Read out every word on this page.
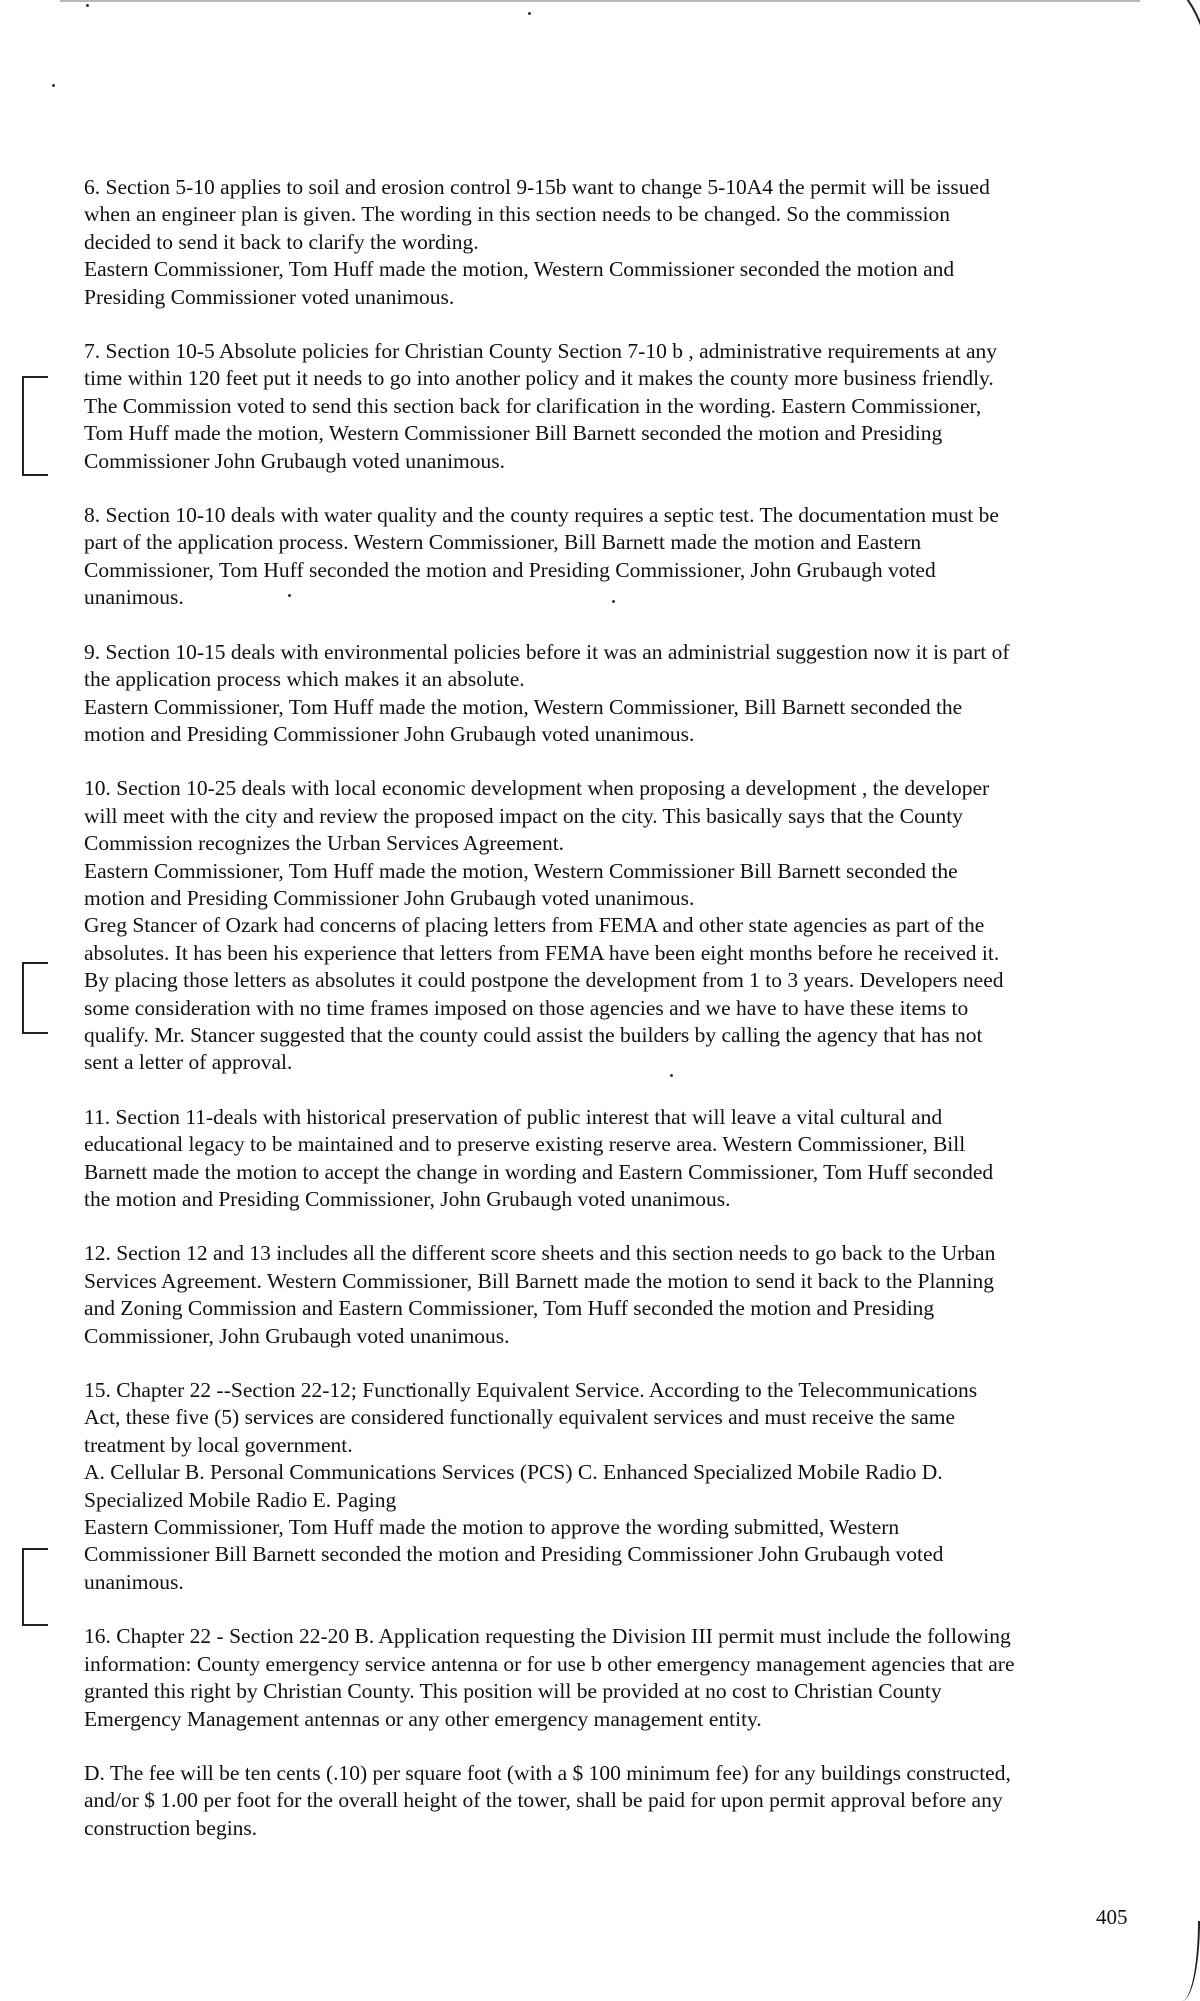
6. Section 5-10 applies to soil and erosion control 9-15b want to change 5-10A4 the permit will be issued
when an engineer plan is given. The wording in this section needs to be changed. So the commission
decided to send it back to clarify the wording.
Eastern Commissioner, Tom Huff made the motion, Western Commissioner seconded the motion and
Presiding Commissioner voted unanimous.
7. Section 10-5 Absolute policies for Christian County Section 7-10 b , administrative requirements at any
time within 120 feet put it needs to go into another policy and it makes the county more business friendly.
The Commission voted to send this section back for clarification in the wording. Eastern Commissioner,
Tom Huff made the motion, Western Commissioner Bill Barnett seconded the motion and Presiding
Commissioner John Grubaugh voted unanimous.
8. Section 10-10 deals with water quality and the county requires a septic test. The documentation must be
part of the application process. Western Commissioner, Bill Barnett made the motion and Eastern
Commissioner, Tom Huff seconded the motion and Presiding Commissioner, John Grubaugh voted
unanimous.
9. Section 10-15 deals with environmental policies before it was an administrial suggestion now it is part of
the application process which makes it an absolute.
Eastern Commissioner, Tom Huff made the motion, Western Commissioner, Bill Barnett seconded the
motion and Presiding Commissioner John Grubaugh voted unanimous.
10. Section 10-25 deals with local economic development when proposing a development , the developer
will meet with the city and review the proposed impact on the city. This basically says that the County
Commission recognizes the Urban Services Agreement.
Eastern Commissioner, Tom Huff made the motion, Western Commissioner Bill Barnett seconded the
motion and Presiding Commissioner John Grubaugh voted unanimous.
Greg Stancer of Ozark had concerns of placing letters from FEMA and other state agencies as part of the
absolutes. It has been his experience that letters from FEMA have been eight months before he received it.
By placing those letters as absolutes it could postpone the development from 1 to 3 years. Developers need
some consideration with no time frames imposed on those agencies and we have to have these items to
qualify. Mr. Stancer suggested that the county could assist the builders by calling the agency that has not
sent a letter of approval.
11. Section 11-deals with historical preservation of public interest that will leave a vital cultural and
educational legacy to be maintained and to preserve existing reserve area. Western Commissioner, Bill
Barnett made the motion to accept the change in wording and Eastern Commissioner, Tom Huff seconded
the motion and Presiding Commissioner, John Grubaugh voted unanimous.
12. Section 12 and 13 includes all the different score sheets and this section needs to go back to the Urban
Services Agreement. Western Commissioner, Bill Barnett made the motion to send it back to the Planning
and Zoning Commission and Eastern Commissioner, Tom Huff seconded the motion and Presiding
Commissioner, John Grubaugh voted unanimous.
15. Chapter 22 --Section 22-12; Functionally Equivalent Service. According to the Telecommunications
Act, these five (5) services are considered functionally equivalent services and must receive the same
treatment by local government.
A. Cellular B. Personal Communications Services (PCS) C. Enhanced Specialized Mobile Radio D.
Specialized Mobile Radio E. Paging
Eastern Commissioner, Tom Huff made the motion to approve the wording submitted, Western
Commissioner Bill Barnett seconded the motion and Presiding Commissioner John Grubaugh voted
unanimous.
16. Chapter 22 - Section 22-20 B. Application requesting the Division III permit must include the following
information: County emergency service antenna or for use b other emergency management agencies that are
granted this right by Christian County. This position will be provided at no cost to Christian County
Emergency Management antennas or any other emergency management entity.
D. The fee will be ten cents (.10) per square foot (with a $ 100 minimum fee) for any buildings constructed,
and/or $ 1.00 per foot for the overall height of the tower, shall be paid for upon permit approval before any
construction begins.
405
